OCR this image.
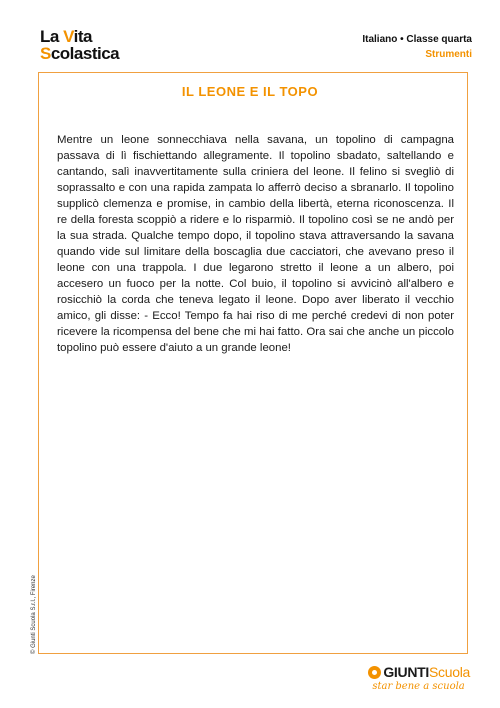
La Vita
Scolastica
Italiano • Classe quarta
Strumenti
IL LEONE E IL TOPO
Mentre un leone sonnecchiava nella savana, un topolino di campagna passava di lì fischiettando allegramente. Il topolino sbadato, saltellando e cantando, salì inavvertitamente sulla criniera del leone. Il felino si svegliò di soprassalto e con una rapida zampata lo afferrò deciso a sbranarlo. Il topolino supplicò clemenza e promise, in cambio della libertà, eterna riconoscenza. Il re della foresta scoppiò a ridere e lo risparmiò. Il topolino così se ne andò per la sua strada. Qualche tempo dopo, il topolino stava attraversando la savana quando vide sul limitare della boscaglia due cacciatori, che avevano preso il leone con una trappola. I due legarono stretto il leone a un albero, poi accesero un fuoco per la notte. Col buio, il topolino si avvicinò all'albero e rosicchiò la corda che teneva legato il leone. Dopo aver liberato il vecchio amico, gli disse: - Ecco! Tempo fa hai riso di me perché credevi di non poter ricevere la ricompensa del bene che mi hai fatto. Ora sai che anche un piccolo topolino può essere d'aiuto a un grande leone!
© Giunti Scuola S.r.l., Firenze
GIUNTIScuola
star bene a scuola
